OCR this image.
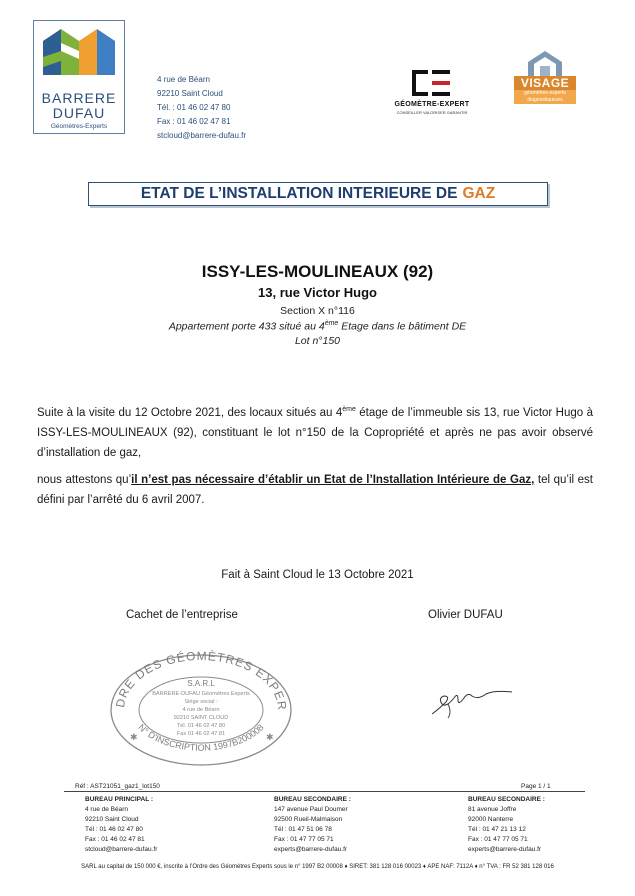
BARRERE
DUFAU
Géomètres-Experts
4 rue de Béarn
92210 Saint Cloud
Tél. : 01 46 02 47 80
Fax : 01 46 02 47 81
stcloud@barrere-dufau.fr
GÉOMÈTRE-EXPERT
CONSEILLER VALORISER GARANTIR
VISAGE
géomètres-experts
diagnostiqueurs
ETAT DE L’INSTALLATION INTERIEURE DE GAZ
ISSY-LES-MOULINEAUX (92)
13, rue Victor Hugo
Section X n°116
Appartement porte 433 situé au 4ème Etage dans le bâtiment DE
Lot n°150
Suite à la visite du 12 Octobre 2021, des locaux situés au 4ème étage de l’immeuble sis 13, rue Victor Hugo à ISSY-LES-MOULINEAUX (92), constituant le lot n°150 de la Copropriété et après ne pas avoir observé d’installation de gaz,
nous attestons qu’il n’est pas nécessaire d’établir un Etat de l’Installation Intérieure de Gaz, tel qu’il est défini par l’arrêté du 6 avril 2007.
Fait à Saint Cloud le 13 Octobre 2021
Cachet de l’entreprise	Olivier DUFAU
DRE DES GÉOMÈTRES EXPER
N° D'INSCRIPTION 1997B200008
S.A.R.L
BARRERE-DUFAU Géomètres Experts
Siège social :
4 rue de Béarn
92210 SAINT CLOUD
Tél. 01 46 02 47 80
Fax 01 46 02 47 81
✱	✱
Réf : AST21051_gaz1_lot150	Page 1 / 1
BUREAU PRINCIPAL :
4 rue de Béarn
92210 Saint Cloud
Tél : 01 46 02 47 80
Fax : 01 46 02 47 81
stcloud@barrere-dufau.fr
BUREAU SECONDAIRE :
147 avenue Paul Doumer
92500 Rueil-Malmaison
Tél : 01 47 51 06 78
Fax : 01 47 77 05 71
experts@barrere-dufau.fr
BUREAU SECONDAIRE :
81 avenue Joffre
92000 Nanterre
Tél : 01 47 21 13 12
Fax : 01 47 77 05 71
experts@barrere-dufau.fr
SARL au capital de 150 000 €, inscrite à l’Ordre des Géomètres Experts sous le n° 1997 B2 00008 ♦ SIRET: 381 128 016 00023 ♦ APE NAF: 7112A ♦ n° TVA : FR 52 381 128 016
